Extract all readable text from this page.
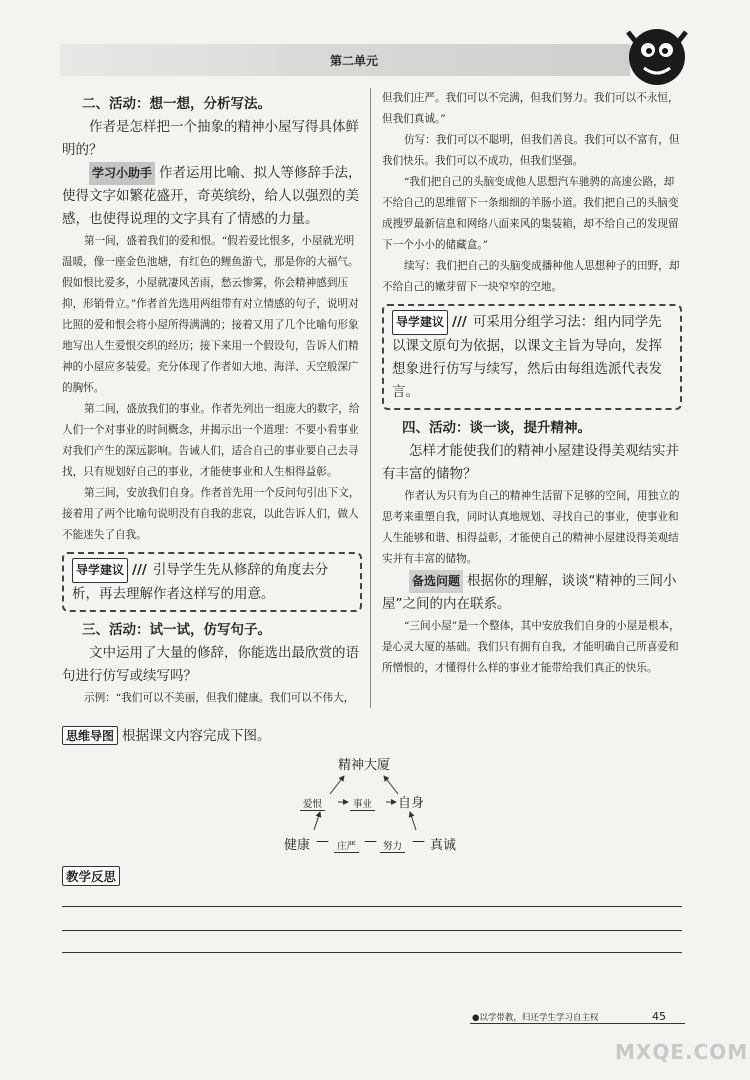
第二单元
二、活动：想一想，分析写法。

作者是怎样把一个抽象的精神小屋写得具体鲜明的？

学习小助手 作者运用比喻、拟人等修辞手法，使得文字如繁花盛开，奇英缤纷，给人以强烈的美感，也使得说理的文字具有了情感的力量。

第一间，盛着我们的爱和恨。“假若爱比恨多，小屋就光明温暖，像一座金色池塘，有红色的鲤鱼游弋，那是你的大福气。假如恨比爱多，小屋就凄风苦雨，愁云惨雾，你会精神感到压抑，形销骨立。”作者首先选用两组带有对立情感的句子，说明对比照的爱和恨会将小屋所得满满的；接着又用了几个比喻句形象地写出人生爱恨交织的经历；接下来用一个假设句，告诉人们精神的小屋应多装爱。充分体现了作者如大地、海洋、天空般深广的胸怀。

第二间，盛放我们的事业。作者先列出一组庞大的数字，给人们一个对事业的时间概念，并揭示出一个道理：不要小看事业对我们产生的深远影响。告诫人们，适合自己的事业要自己去寻找，只有规划好自己的事业，才能使事业和人生相得益彰。

第三间，安放我们自身。作者首先用一个反问句引出下文，接着用了两个比喻句说明没有自我的悲哀，以此告诉人们，做人不能迷失了自我。

导学建议 /// 引导学生先从修辞的角度去分析，再去理解作者这样写的用意。
三、活动：试一试，仿写句子。

文中运用了大量的修辞，你能选出最欣赏的语句进行仿写或续写吗？

示例：“我们可以不美丽，但我们健康。我们可以不伟大，

但我们庄严。我们可以不完满，但我们努力。我们可以不永恒，但我们真诚。”

仿写：我们可以不聪明，但我们善良。我们可以不富有，但我们快乐。我们可以不成功，但我们坚强。

“我们把自己的头脑变成他人思想汽车驰骋的高速公路，却不给自己的思维留下一条细细的羊肠小道。我们把自己的头脑变成搜罗最新信息和网络八面来风的集装箱，却不给自己的发现留下一个小小的储藏盒。”

续写：我们把自己的头脑变成播种他人思想种子的田野，却不给自己的嫩芽留下一块窄窄的空地。

导学建议 /// 可采用分组学习法：组内同学先以课文原句为依据，以课文主旨为导向，发挥想象进行仿写与续写，然后由每组选派代表发言。
四、活动：谈一谈，提升精神。

怎样才能使我们的精神小屋建设得美观结实并有丰富的储物？

作者认为只有为自己的精神生活留下足够的空间，用独立的思考来重塑自我，同时认真地规划、寻找自己的事业，使事业和人生能够和谐、相得益彰，才能使自己的精神小屋建设得美观结实并有丰富的储物。

备选问题 根据你的理解，谈谈“精神的三间小屋”之间的内在联系。

“三间小屋”是一个整体，其中安放我们自身的小屋是根本，是心灵大厦的基础。我们只有拥有自我，才能明确自己所喜爱和所憎恨的，才懂得什么样的事业才能带给我们真正的快乐。

思维导图 根据课文内容完成下图。
精神大厦
爱恨	事业 自身
健康 — 庄严 — 努力 — 真诚
教学反思
●以学带教，归还学生学习自主权	45
MXQE.COM
